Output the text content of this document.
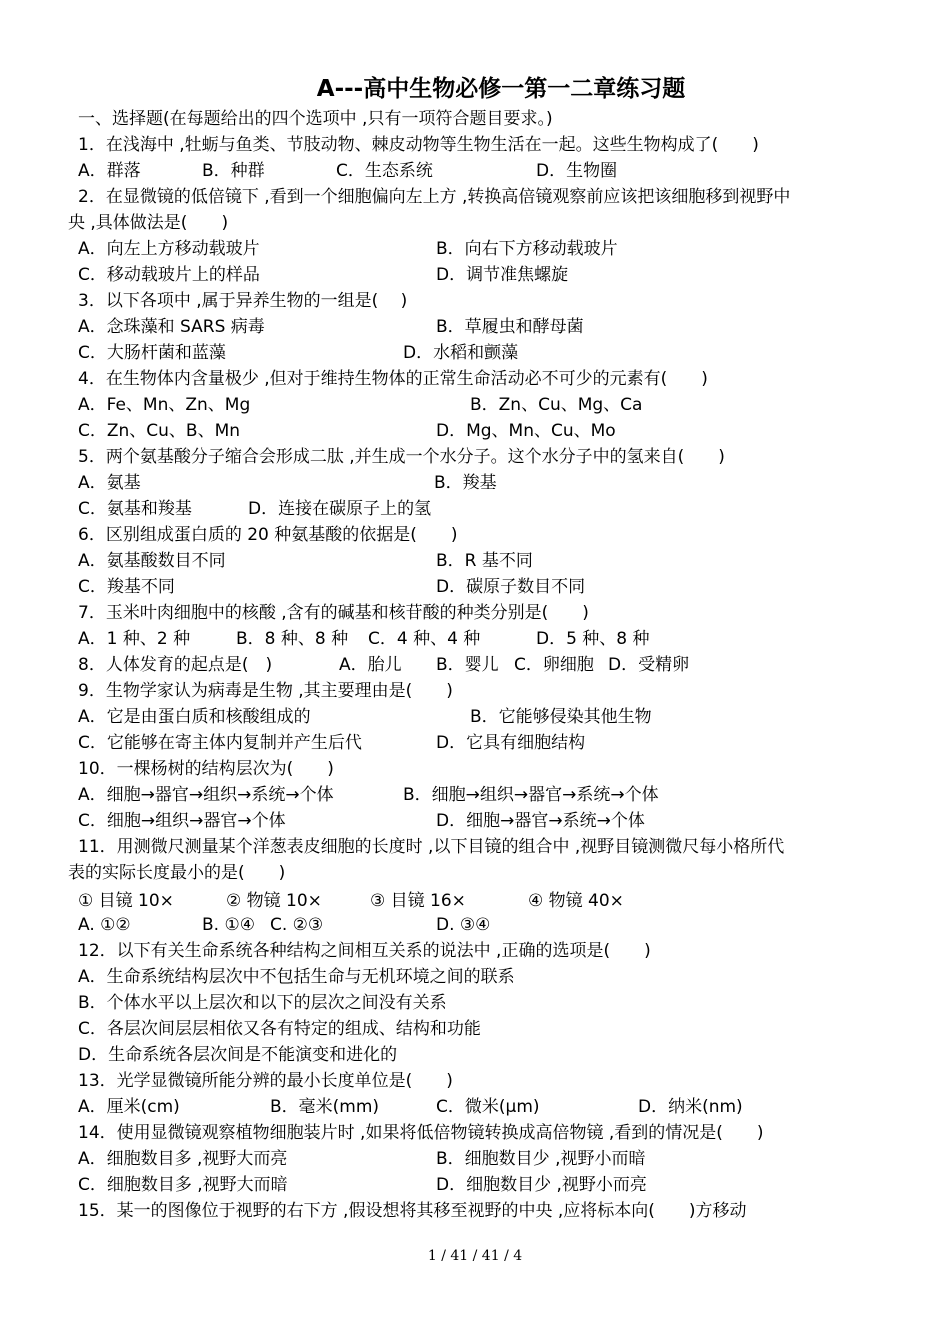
A---高中生物必修一第一二章练习题
一、选择题(在每题给出的四个选项中 ,只有一项符合题目要求。)
1．在浅海中 ,牡蛎与鱼类、节肢动物、棘皮动物等生物生活在一起。这些生物构成了(　　)
A．群落	B．种群	C．生态系统	D．生物圈
2．在显微镜的低倍镜下 ,看到一个细胞偏向左上方 ,转换高倍镜观察前应该把该细胞移到视野中
央 ,具体做法是(　　)
A．向左上方移动载玻片	B．向右下方移动载玻片
C．移动载玻片上的样品	D．调节准焦螺旋
3．以下各项中 ,属于异养生物的一组是(　 )
A．念珠藻和 SARS 病毒	B．草履虫和酵母菌
C．大肠杆菌和蓝藻	D．水稻和颤藻
4．在生物体内含量极少 ,但对于维持生物体的正常生命活动必不可少的元素有(　　)
A．Fe、Mn、Zn、Mg	B．Zn、Cu、Mg、Ca
C．Zn、Cu、B、Mn	D．Mg、Mn、Cu、Mo
5．两个氨基酸分子缩合会形成二肽 ,并生成一个水分子。这个水分子中的氢来自(　　)
A．氨基	B．羧基
C．氨基和羧基	D．连接在碳原子上的氢
6．区别组成蛋白质的 20 种氨基酸的依据是(　　)
A．氨基酸数目不同	B．R 基不同
C．羧基不同	D．碳原子数目不同
7．玉米叶肉细胞中的核酸 ,含有的碱基和核苷酸的种类分别是(　　)
A．1 种、2 种	B．8 种、8 种 C．4 种、4 种	D．5 种、8 种
8．人体发育的起点是(　)	A．胎儿 B．婴儿 C．卵细胞 D．受精卵
9．生物学家认为病毒是生物 ,其主要理由是(　　)
A．它是由蛋白质和核酸组成的	B．它能够侵染其他生物
C．它能够在寄主体内复制并产生后代	D．它具有细胞结构
10．一棵杨树的结构层次为(　　)
A．细胞→器官→组织→系统→个体	B．细胞→组织→器官→系统→个体
C．细胞→组织→器官→个体	D．细胞→器官→系统→个体
11．用测微尺测量某个洋葱表皮细胞的长度时 ,以下目镜的组合中 ,视野目镜测微尺每小格所代
表的实际长度最小的是(　　)
① 目镜 10×	② 物镜 10×	③ 目镜 16×	④ 物镜 40×
A. ①②	B. ①④ C. ②③	D. ③④
12．以下有关生命系统各种结构之间相互关系的说法中 ,正确的选项是(　　)
A．生命系统结构层次中不包括生命与无机环境之间的联系
B．个体水平以上层次和以下的层次之间没有关系
C．各层次间层层相依又各有特定的组成、结构和功能
D．生命系统各层次间是不能演变和进化的
13．光学显微镜所能分辨的最小长度单位是(　　)
A．厘米(cm)	B．毫米(mm)	C．微米(μm)	D．纳米(nm)
14．使用显微镜观察植物细胞装片时 ,如果将低倍物镜转换成高倍物镜 ,看到的情况是(　　)
A．细胞数目多 ,视野大而亮	B．细胞数目少 ,视野小而暗
C．细胞数目多 ,视野大而暗	D．细胞数目少 ,视野小而亮
15．某一的图像位于视野的右下方 ,假设想将其移至视野的中央 ,应将标本向(　　)方移动
1 / 41 / 41 / 4
